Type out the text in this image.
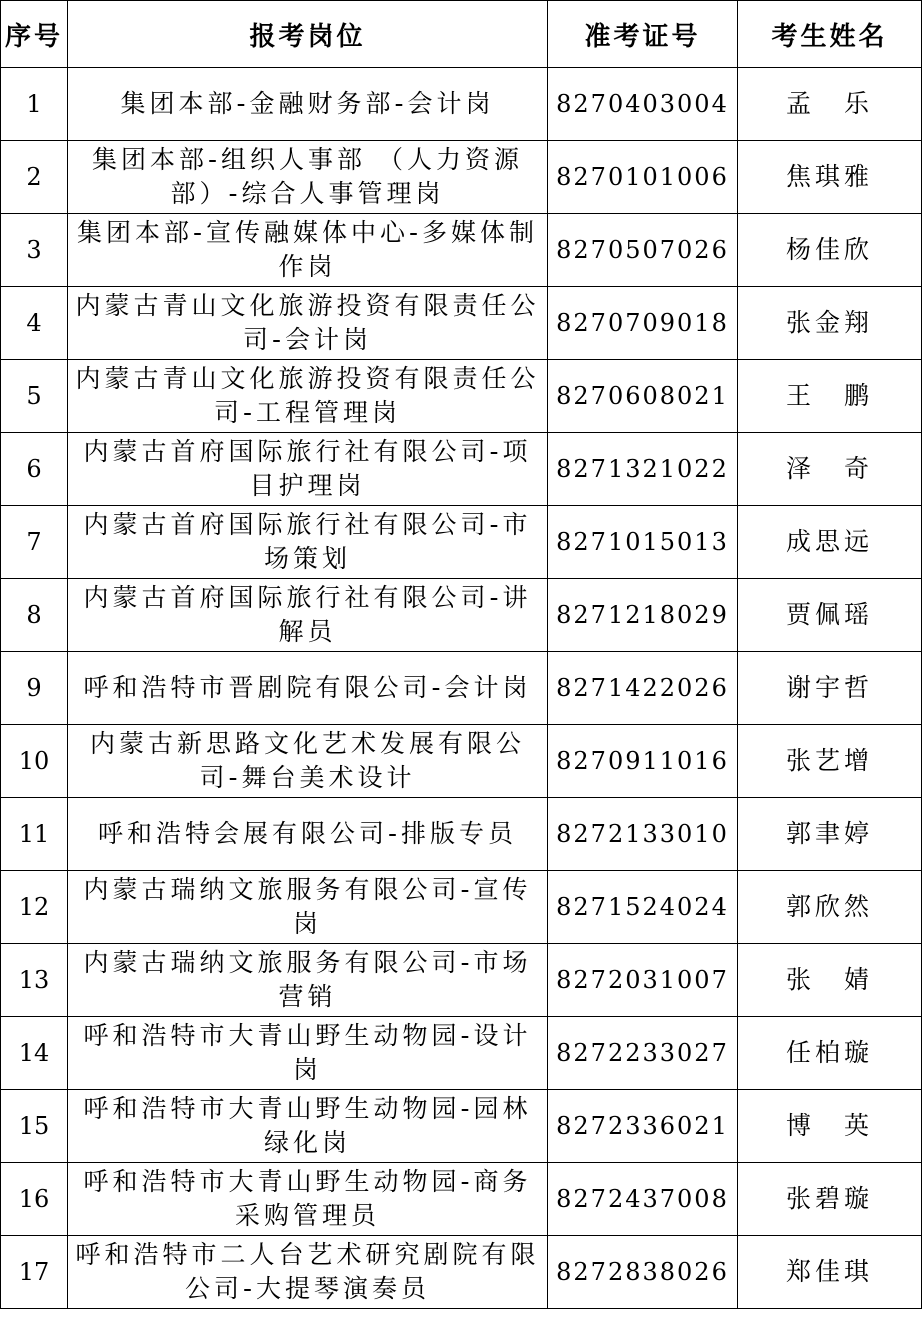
序号	报考岗位	准考证号	考生姓名
1	集团本部-金融财务部-会计岗	8270403004	孟　乐
2	集团本部-组织人事部 （人力资源部）-综合人事管理岗	8270101006	焦琪雅
3	集团本部-宣传融媒体中心-多媒体制作岗	8270507026	杨佳欣
4	内蒙古青山文化旅游投资有限责任公司-会计岗	8270709018	张金翔
5	内蒙古青山文化旅游投资有限责任公司-工程管理岗	8270608021	王　鹏
6	内蒙古首府国际旅行社有限公司-项目护理岗	8271321022	泽　奇
7	内蒙古首府国际旅行社有限公司-市场策划	8271015013	成思远
8	内蒙古首府国际旅行社有限公司-讲解员	8271218029	贾佩瑶
9	呼和浩特市晋剧院有限公司-会计岗	8271422026	谢宇哲
10	内蒙古新思路文化艺术发展有限公司-舞台美术设计	8270911016	张艺增
11	呼和浩特会展有限公司-排版专员	8272133010	郭聿婷
12	内蒙古瑞纳文旅服务有限公司-宣传岗	8271524024	郭欣然
13	内蒙古瑞纳文旅服务有限公司-市场营销	8272031007	张　婧
14	呼和浩特市大青山野生动物园-设计岗	8272233027	任柏璇
15	呼和浩特市大青山野生动物园-园林绿化岗	8272336021	博　英
16	呼和浩特市大青山野生动物园-商务采购管理员	8272437008	张碧璇
17	呼和浩特市二人台艺术研究剧院有限公司-大提琴演奏员	8272838026	郑佳琪
